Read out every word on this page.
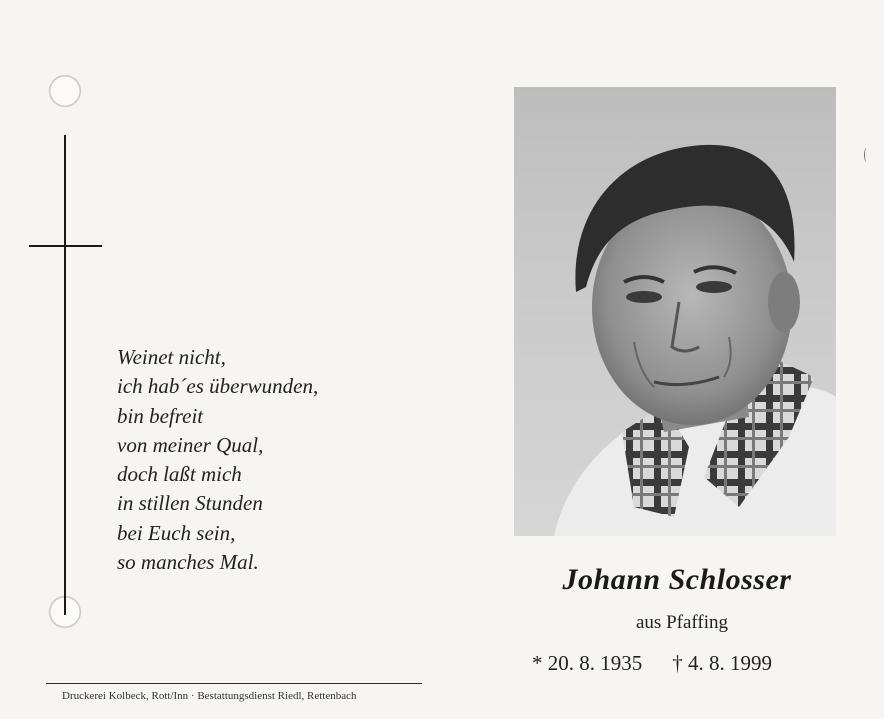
Weinet nicht,
ich hab´es überwunden,
bin befreit
von meiner Qual,
doch laßt mich
in stillen Stunden
bei Euch sein,
so manches Mal.
Johann Schlosser
aus Pfaffing
* 20. 8. 1935 † 4. 8. 1999
Druckerei Kolbeck, Rott/Inn · Bestattungsdienst Riedl, Rettenbach
